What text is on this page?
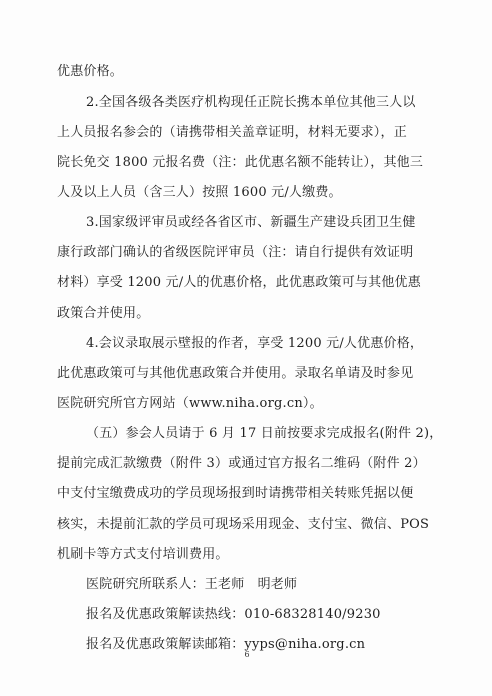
优惠价格。
2.全国各级各类医疗机构现任正院长携本单位其他三人以
上人员报名参会的（请携带相关盖章证明，材料无要求），正
院长免交 1800 元报名费（注：此优惠名额不能转让），其他三
人及以上人员（含三人）按照 1600 元/人缴费。
3.国家级评审员或经各省区市、新疆生产建设兵团卫生健
康行政部门确认的省级医院评审员（注：请自行提供有效证明
材料）享受 1200 元/人的优惠价格，此优惠政策可与其他优惠
政策合并使用。
4.会议录取展示壁报的作者，享受 1200 元/人优惠价格，
此优惠政策可与其他优惠政策合并使用。录取名单请及时参见
医院研究所官方网站（www.niha.org.cn）。
（五）参会人员请于 6 月 17 日前按要求完成报名(附件 2)，
提前完成汇款缴费（附件 3）或通过官方报名二维码（附件 2）
中支付宝缴费成功的学员现场报到时请携带相关转账凭据以便
核实，未提前汇款的学员可现场采用现金、支付宝、微信、POS
机刷卡等方式支付培训费用。
医院研究所联系人：王老师　明老师
报名及优惠政策解读热线：010-68328140/9230
报名及优惠政策解读邮箱：yyps@niha.org.cn
6
